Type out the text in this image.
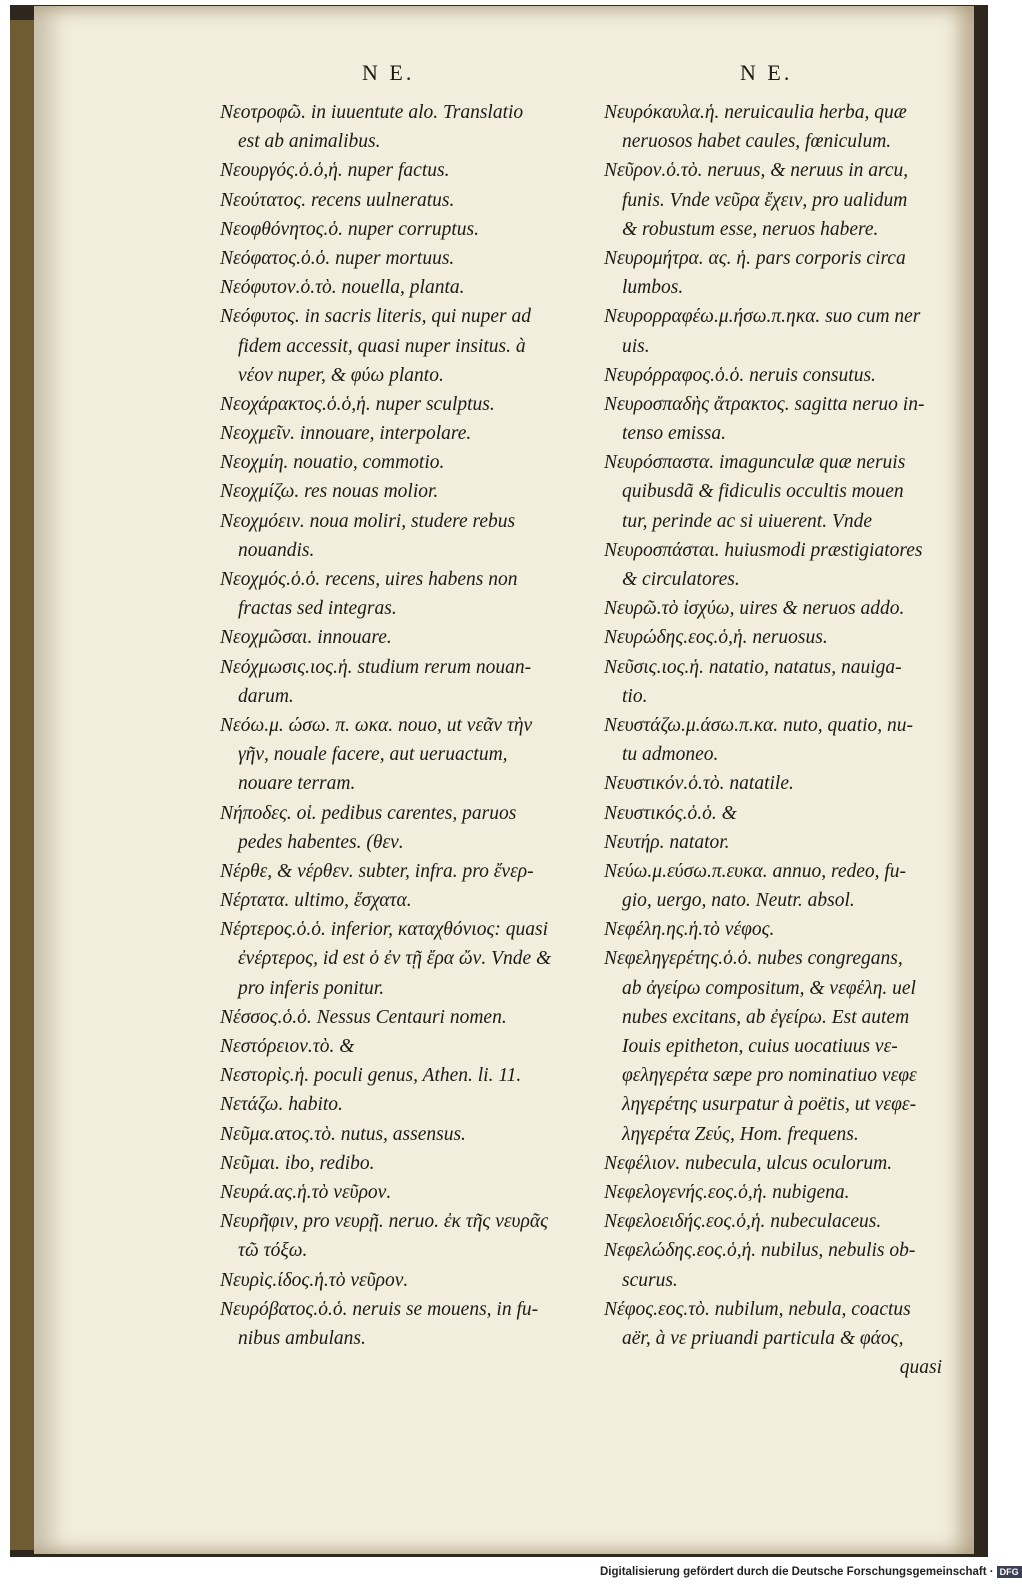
N E.	N E.
Νεοτροφῶ. in iuuentute alo. Translatio
est ab animalibus.
Νεουργός.ὁ.ὁ,ἡ. nuper factus.
Νεούτατος. recens uulneratus.
Νεοφθόνητος.ὁ. nuper corruptus.
Νεόφατος.ὁ.ὁ. nuper mortuus.
Νεόφυτον.ὁ.τὸ. nouella, planta.
Νεόφυτος. in sacris literis, qui nuper ad
fidem accessit, quasi nuper insitus. à
νέον nuper, & φύω planto.
Νεοχάρακτος.ὁ.ὁ,ἡ. nuper sculptus.
Νεοχμεῖν. innouare, interpolare.
Νεοχμίη. nouatio, commotio.
Νεοχμίζω. res nouas molior.
Νεοχμόειν. noua moliri, studere rebus
nouandis.
Νεοχμός.ὁ.ὁ. recens, uires habens non
fractas sed integras.
Νεοχμῶσαι. innouare.
Νεόχμωσις.ιος.ἡ. studium rerum nouan-
darum.
Νεόω.μ. ώσω. π. ωκα. nouo, ut νεᾶν τὴν
γῆν, nouale facere, aut ueruactum,
nouare terram.
Νήποδες. οἱ. pedibus carentes, paruos
pedes habentes. (θεν.
Νέρθε, & νέρθεν. subter, infra. pro ἔνερ-
Νέρτατα. ultimo, ἔσχατα.
Νέρτερος.ὁ.ὁ. inferior, καταχθόνιος: quasi
ἐνέρτερος, id est ὁ ἐν τῇ ἔρα ὤν. Vnde &
pro inferis ponitur.
Νέσσος.ὁ.ὁ. Nessus Centauri nomen.
Νεστόρειον.τὸ. &
Νεστορὶς.ἡ. poculi genus, Athen. li. 11.
Νετάζω. habito.
Νεῦμα.ατος.τὸ. nutus, assensus.
Νεῦμαι. ibo, redibo.
Νευρά.ας.ἡ.τὸ νεῦρον.
Νευρῆφιν, pro νευρῇ. neruo. ἐκ τῆς νευρᾶς
τῶ τόξω.
Νευρὶς.ίδος.ἡ.τὸ νεῦρον.
Νευρόβατος.ὁ.ὁ. neruis se mouens, in fu-
nibus ambulans.
Νευρόκαυλα.ἡ. neruicaulia herba, quæ
neruosos habet caules, fœniculum.
Νεῦρον.ὁ.τὸ. neruus, & neruus in arcu,
funis. Vnde νεῦρα ἔχειν, pro ualidum
& robustum esse, neruos habere.
Νευρομήτρα. ας. ἡ. pars corporis circa
lumbos.
Νευρορραφέω.μ.ήσω.π.ηκα. suo cum ner
uis.
Νευρόρραφος.ὁ.ὁ. neruis consutus.
Νευροσπαδὴς ἄτρακτος. sagitta neruo in-
tenso emissa.
Νευρόσπαστα. imagunculæ quæ neruis
quibusdã & fidiculis occultis mouen
tur, perinde ac si uiuerent. Vnde
Νευροσπάσται. huiusmodi præstigiatores
& circulatores.
Νευρῶ.τὸ ἰσχύω, uires & neruos addo.
Νευρώδης.εος.ὁ,ἡ. neruosus.
Νεῦσις.ιος.ἡ. natatio, natatus, nauiga-
tio.
Νευστάζω.μ.άσω.π.κα. nuto, quatio, nu-
tu admoneo.
Νευστικόν.ὁ.τὸ. natatile.
Νευστικός.ὁ.ὁ. &
Νευτήρ. natator.
Νεύω.μ.εύσω.π.ευκα. annuo, redeo, fu-
gio, uergo, nato. Neutr. absol.
Νεφέλη.ης.ἡ.τὸ νέφος.
Νεφεληγερέτης.ὁ.ὁ. nubes congregans,
ab ἀγείρω compositum, & νεφέλη. uel
nubes excitans, ab ἐγείρω. Est autem
Iouis epitheton, cuius uocatiuus νε-
φεληγερέτα sæpe pro nominatiuo νεφε
ληγερέτης usurpatur à poëtis, ut νεφε-
ληγερέτα Ζεύς, Hom. frequens.
Νεφέλιον. nubecula, ulcus oculorum.
Νεφελογενής.εος.ὁ,ἡ. nubigena.
Νεφελοειδής.εος.ὁ,ἡ. nubeculaceus.
Νεφελώδης.εος.ὁ,ἡ. nubilus, nebulis ob-
scurus.
Νέφος.εος.τὸ. nubilum, nebula, coactus
aër, à νε priuandi particula & φάος,
quasi
Digitalisierung gefördert durch die Deutsche Forschungsgemeinschaft · DFG
